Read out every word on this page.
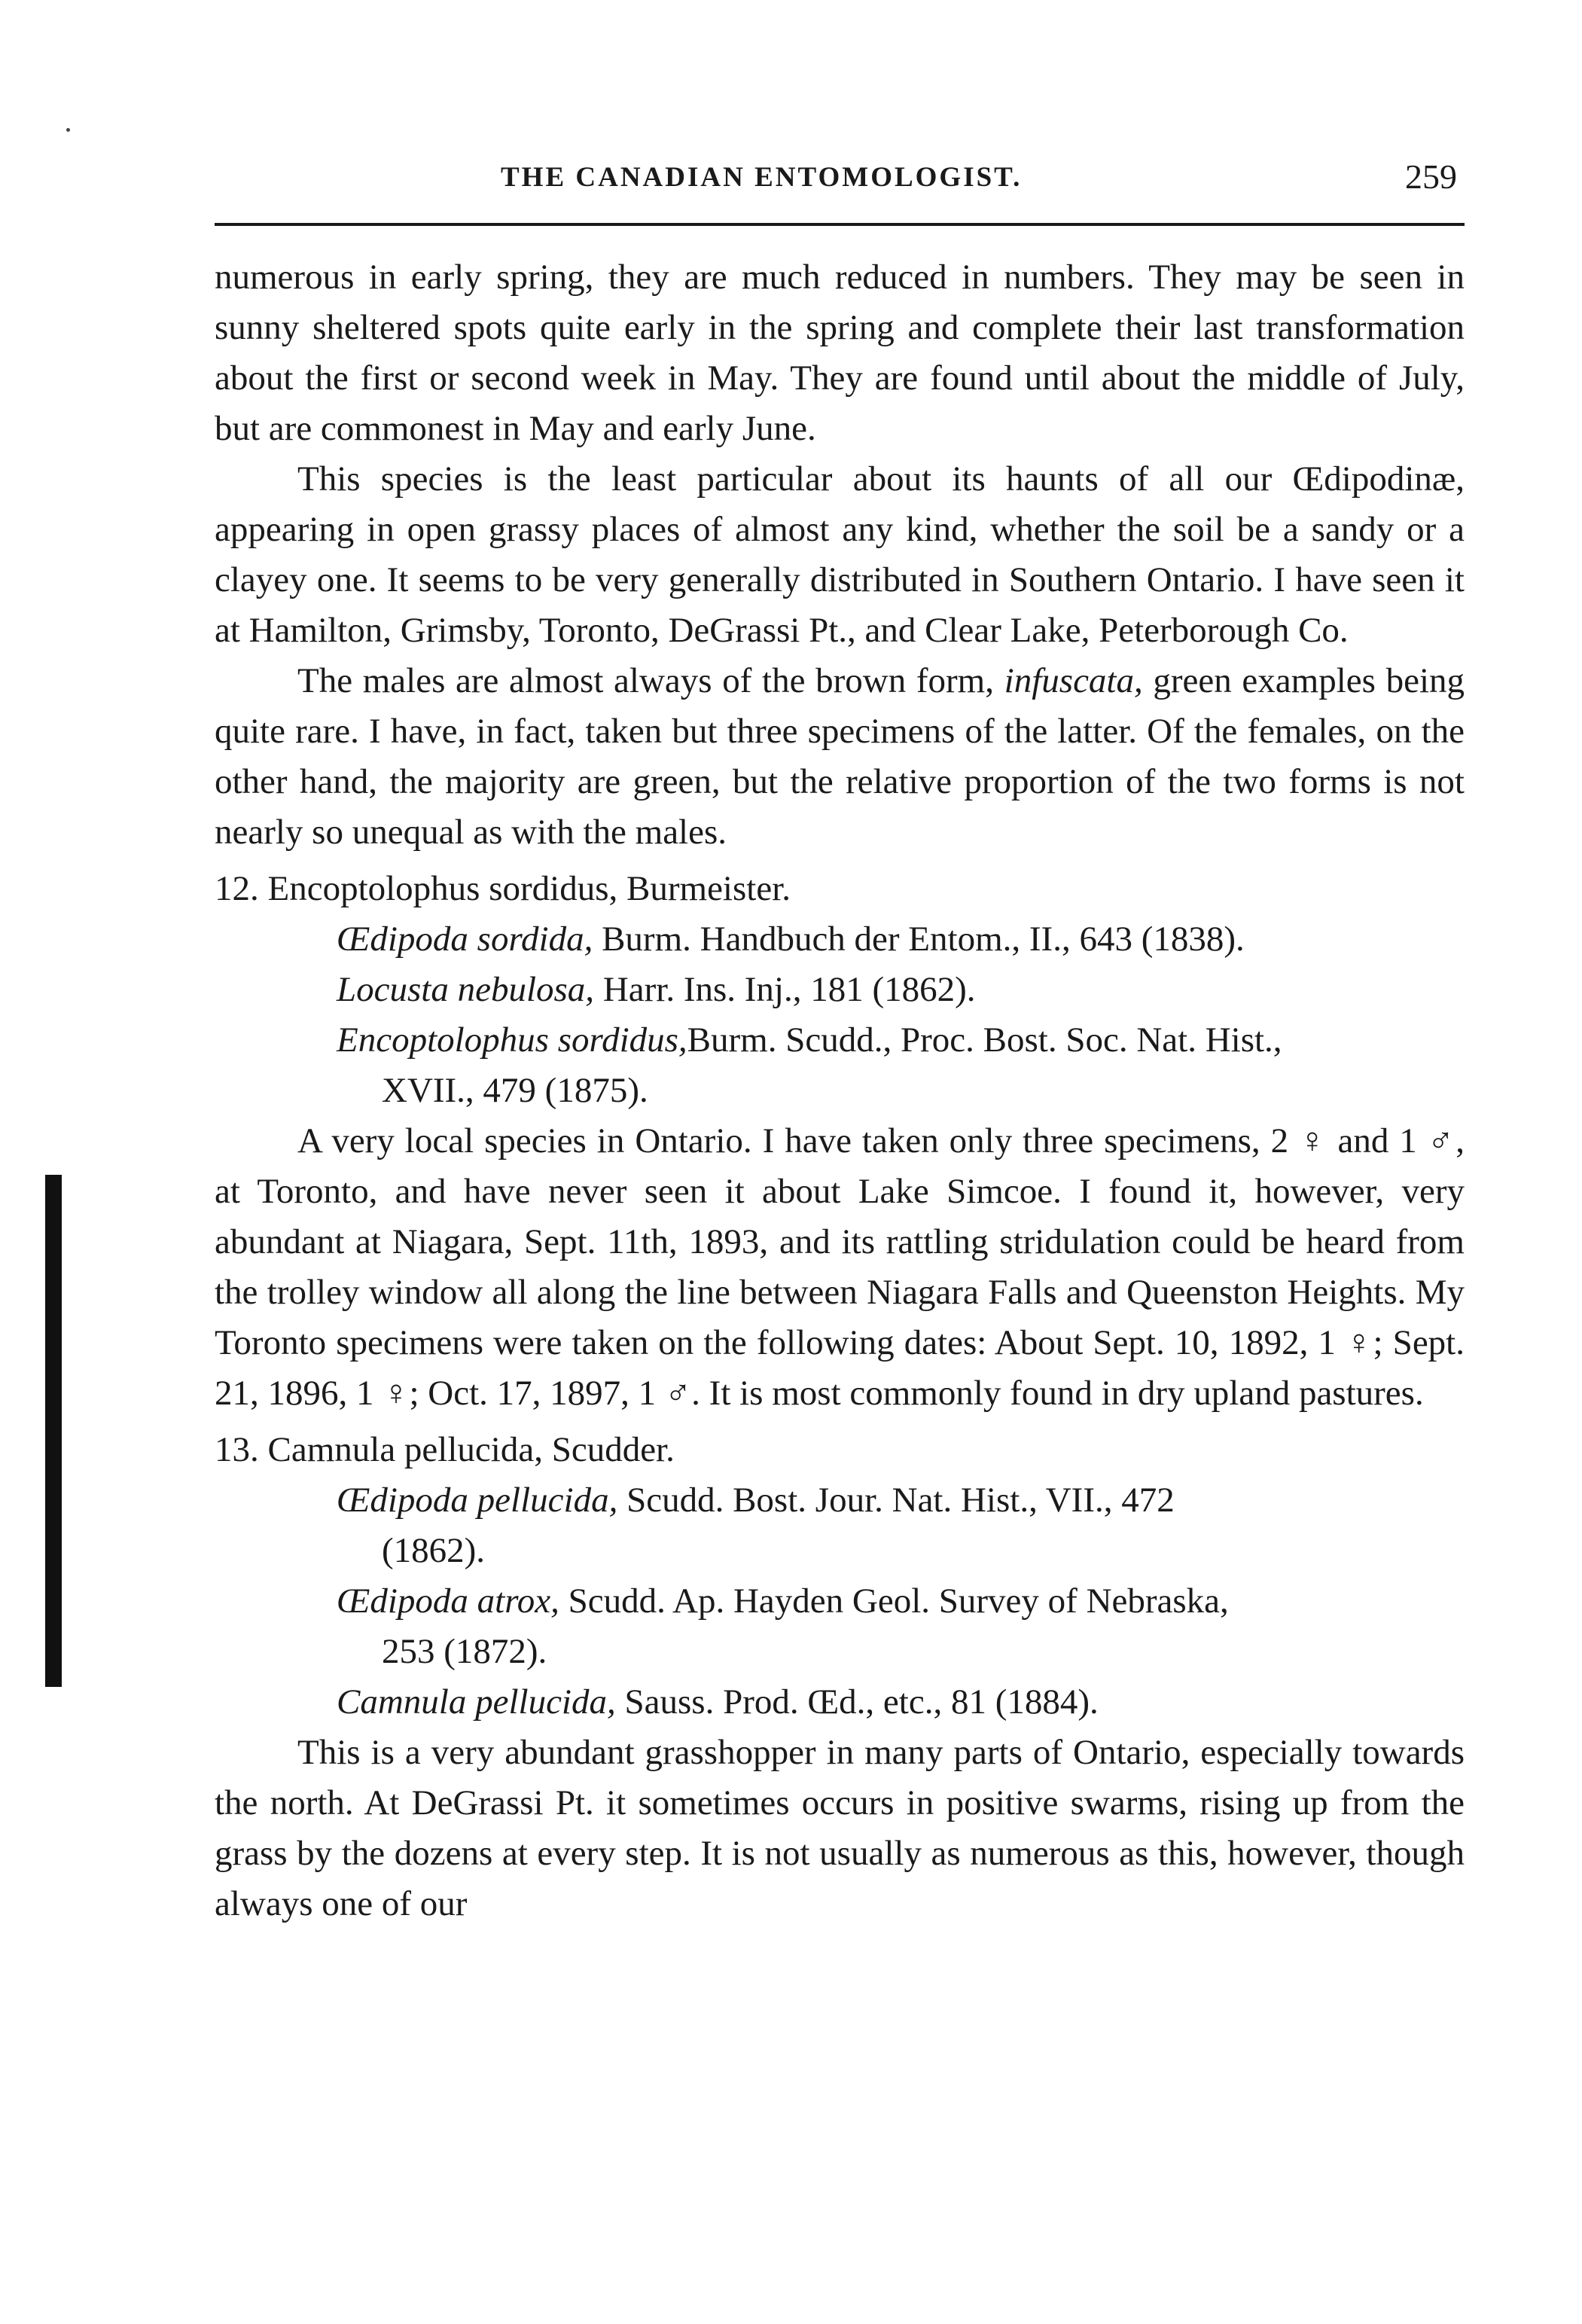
THE CANADIAN ENTOMOLOGIST.	259

numerous in early spring, they are much reduced in numbers. They may be seen in sunny sheltered spots quite early in the spring and complete their last transformation about the first or second week in May. They are found until about the middle of July, but are commonest in May and early June.

This species is the least particular about its haunts of all our Œdipodinæ, appearing in open grassy places of almost any kind, whether the soil be a sandy or a clayey one. It seems to be very generally distributed in Southern Ontario. I have seen it at Hamilton, Grimsby, Toronto, DeGrassi Pt., and Clear Lake, Peterborough Co.

The males are almost always of the brown form, infuscata, green examples being quite rare. I have, in fact, taken but three specimens of the latter. Of the females, on the other hand, the majority are green, but the relative proportion of the two forms is not nearly so unequal as with the males.

12. Encoptolophus sordidus, Burmeister.

Œdipoda sordida, Burm. Handbuch der Entom., II., 643 (1838).

Locusta nebulosa, Harr. Ins. Inj., 181 (1862).

Encoptolophus sordidus,Burm. Scudd., Proc. Bost. Soc. Nat. Hist.,
XVII., 479 (1875).

A very local species in Ontario. I have taken only three specimens, 2 ♀ and 1 ♂, at Toronto, and have never seen it about Lake Simcoe. I found it, however, very abundant at Niagara, Sept. 11th, 1893, and its rattling stridulation could be heard from the trolley window all along the line between Niagara Falls and Queenston Heights. My Toronto specimens were taken on the following dates: About Sept. 10, 1892, 1 ♀; Sept. 21, 1896, 1 ♀; Oct. 17, 1897, 1 ♂. It is most commonly found in dry upland pastures.

13. Camnula pellucida, Scudder.

Œdipoda pellucida, Scudd. Bost. Jour. Nat. Hist., VII., 472
(1862).

Œdipoda atrox, Scudd. Ap. Hayden Geol. Survey of Nebraska,
253 (1872).

Camnula pellucida, Sauss. Prod. Œd., etc., 81 (1884).

This is a very abundant grasshopper in many parts of Ontario, especially towards the north. At DeGrassi Pt. it sometimes occurs in positive swarms, rising up from the grass by the dozens at every step. It is not usually as numerous as this, however, though always one of our
